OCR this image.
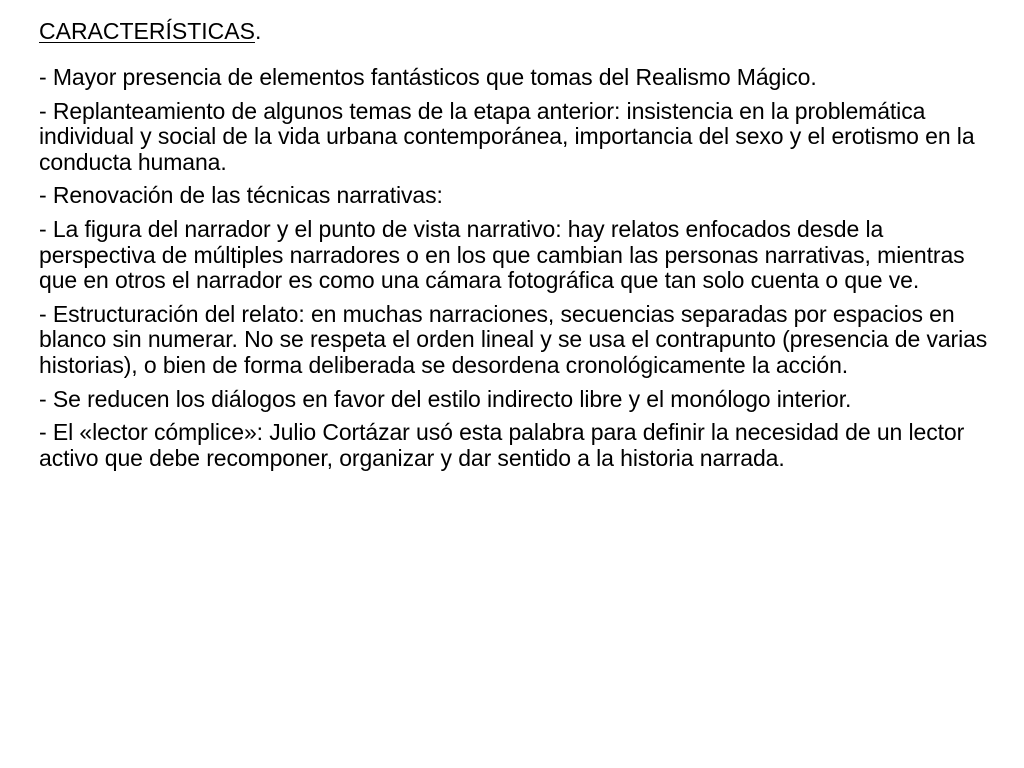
CARACTERÍSTICAS.
- Mayor presencia de elementos fantásticos que tomas del Realismo Mágico.
- Replanteamiento de algunos temas de la etapa anterior: insistencia en la problemática individual y social de la vida urbana contemporánea, importancia del sexo y el erotismo en la conducta humana.
- Renovación de las técnicas narrativas:
- La figura del narrador y el punto de vista narrativo: hay relatos enfocados desde la perspectiva de múltiples narradores o en los que cambian las personas narrativas, mientras que en otros el narrador es como una cámara fotográfica que tan solo cuenta o que ve.
- Estructuración del relato: en muchas narraciones, secuencias separadas por espacios en blanco sin numerar. No se respeta el orden lineal y se usa el contrapunto (presencia de varias historias), o bien de forma deliberada se desordena cronológicamente la acción.
- Se reducen los diálogos en favor del estilo indirecto libre y el monólogo interior.
- El «lector cómplice»: Julio Cortázar usó esta palabra para definir la necesidad de un lector activo que debe recomponer, organizar y dar sentido a la historia narrada.
